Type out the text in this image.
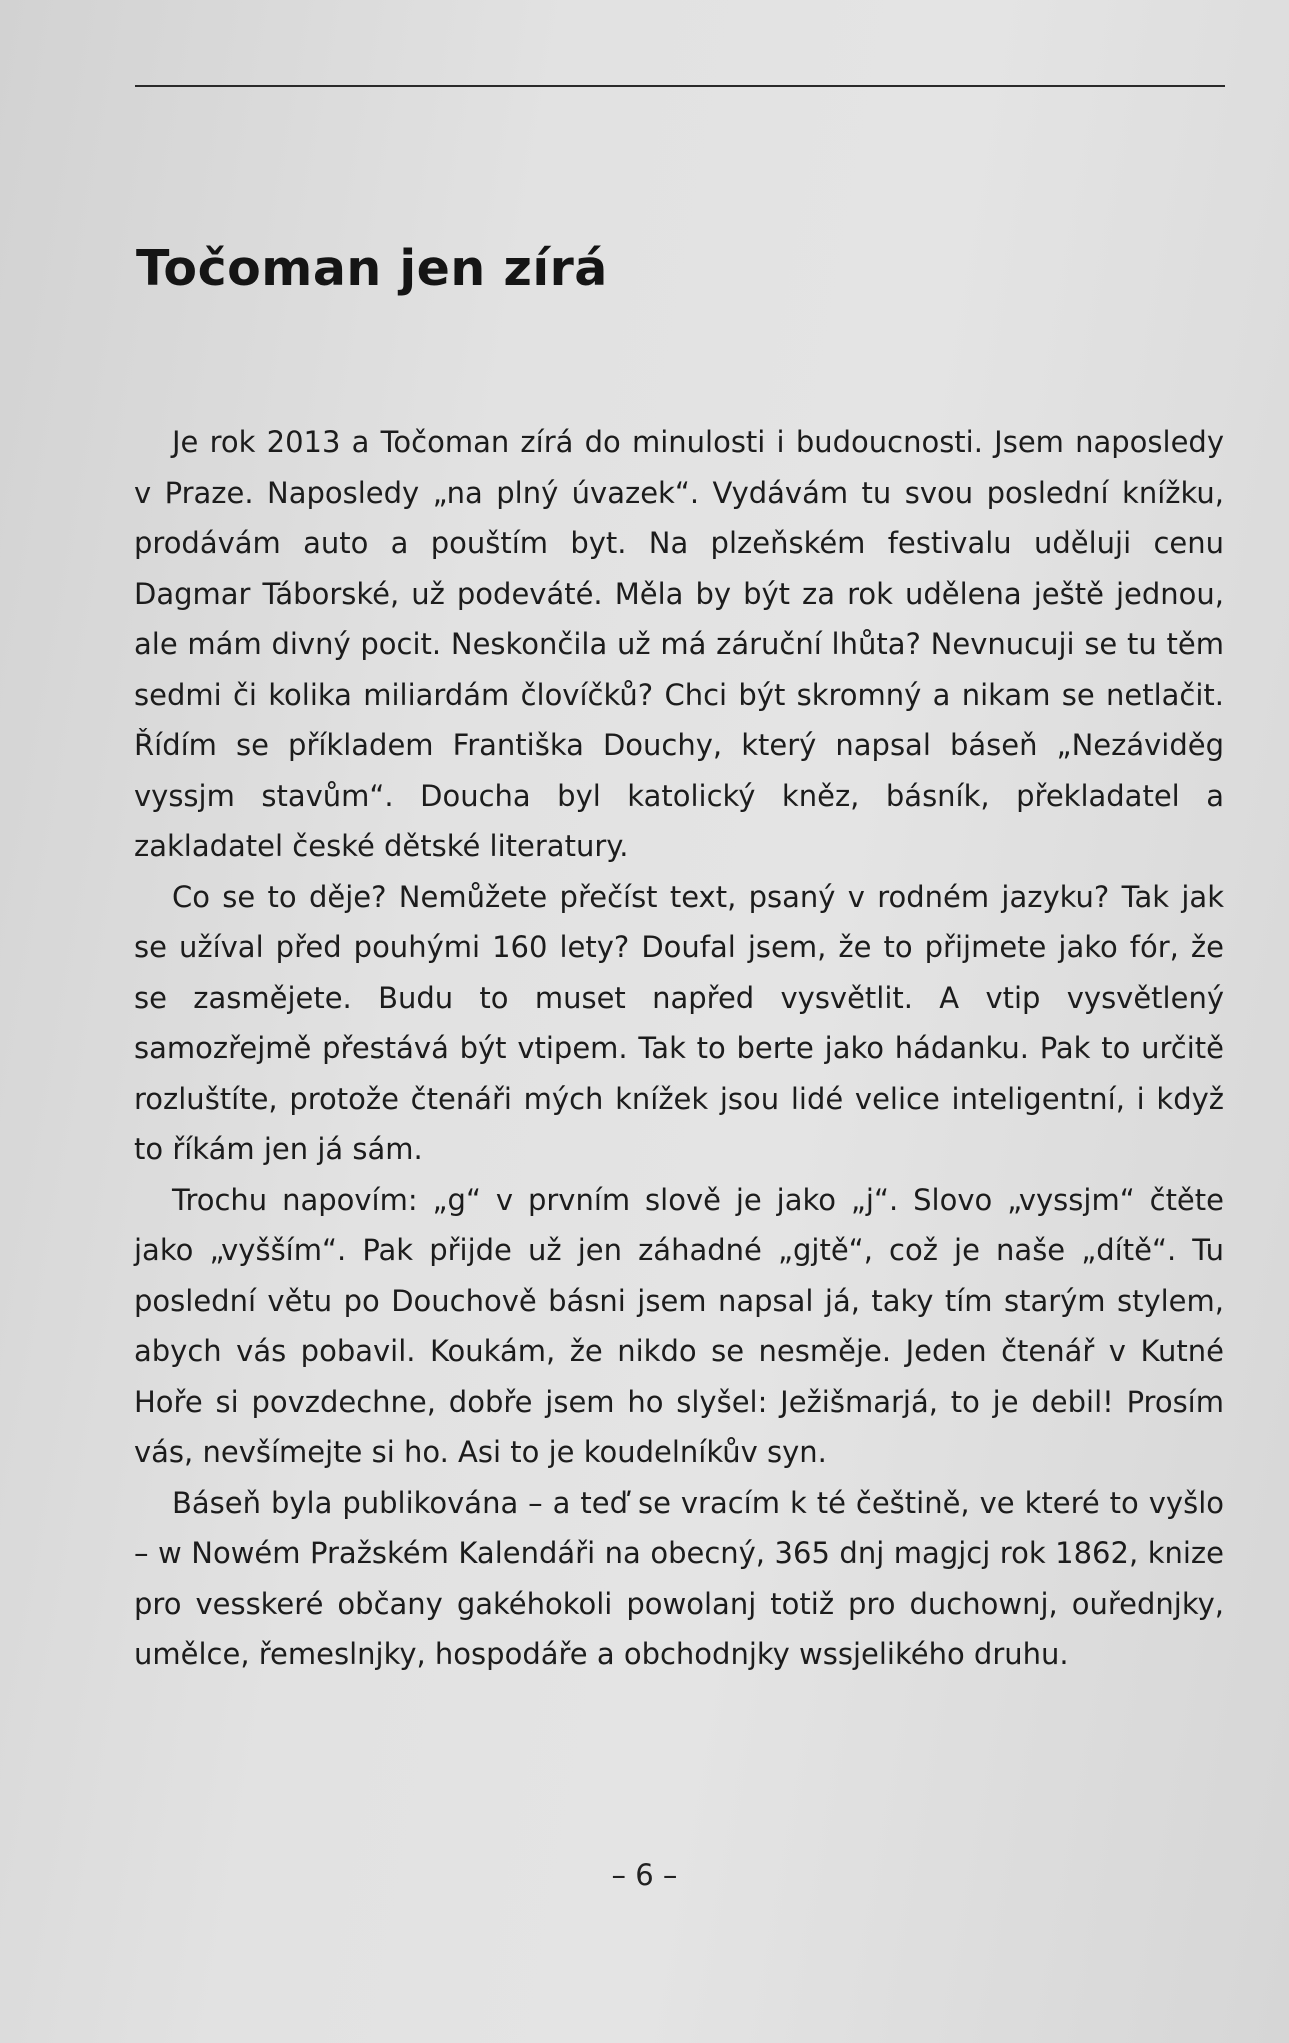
Točoman jen zírá

Je rok 2013 a Točoman zírá do minulosti i budoucnosti. Jsem naposledy v Praze. Naposledy „na plný úvazek“. Vydávám tu svou poslední knížku, prodávám auto a pouštím byt. Na plzeňském festivalu uděluji cenu Dagmar Táborské, už podeváté. Měla by být za rok udělena ještě jednou, ale mám divný pocit. Neskončila už má záruční lhůta? Nevnucuji se tu těm sedmi či kolika miliardám človíčků? Chci být skromný a nikam se netlačit. Řídím se příkladem Františka Douchy, který napsal báseň „Nezáviděg vyssjm stavům“. Doucha byl katolický kněz, básník, překladatel a zakladatel české dětské literatury.

Co se to děje? Nemůžete přečíst text, psaný v rodném jazyku? Tak jak se užíval před pouhými 160 lety? Doufal jsem, že to přijmete jako fór, že se zasmějete. Budu to muset napřed vysvětlit. A vtip vysvětlený samozřejmě přestává být vtipem. Tak to berte jako hádanku. Pak to určitě rozluštíte, protože čtenáři mých knížek jsou lidé velice inteligentní, i když to říkám jen já sám.

Trochu napovím: „g“ v prvním slově je jako „j“. Slovo „vyssjm“ čtěte jako „vyšším“. Pak přijde už jen záhadné „gjtě“, což je naše „dítě“. Tu poslední větu po Douchově básni jsem napsal já, taky tím starým stylem, abych vás pobavil. Koukám, že nikdo se nesměje. Jeden čtenář v Kutné Hoře si povzdechne, dobře jsem ho slyšel: Ježišmarjá, to je debil! Prosím vás, nevšímejte si ho. Asi to je koudelníkův syn.

Báseň byla publikována – a teď se vracím k té češtině, ve které to vyšlo – w Nowém Pražském Kalendáři na obecný, 365 dnj magjcj rok 1862, knize pro vesskeré občany gakéhokoli powolanj totiž pro duchownj, ouřednjky, umělce, řemeslnjky, hospodáře a obchodnjky wssjelikého druhu.

– 6 –
